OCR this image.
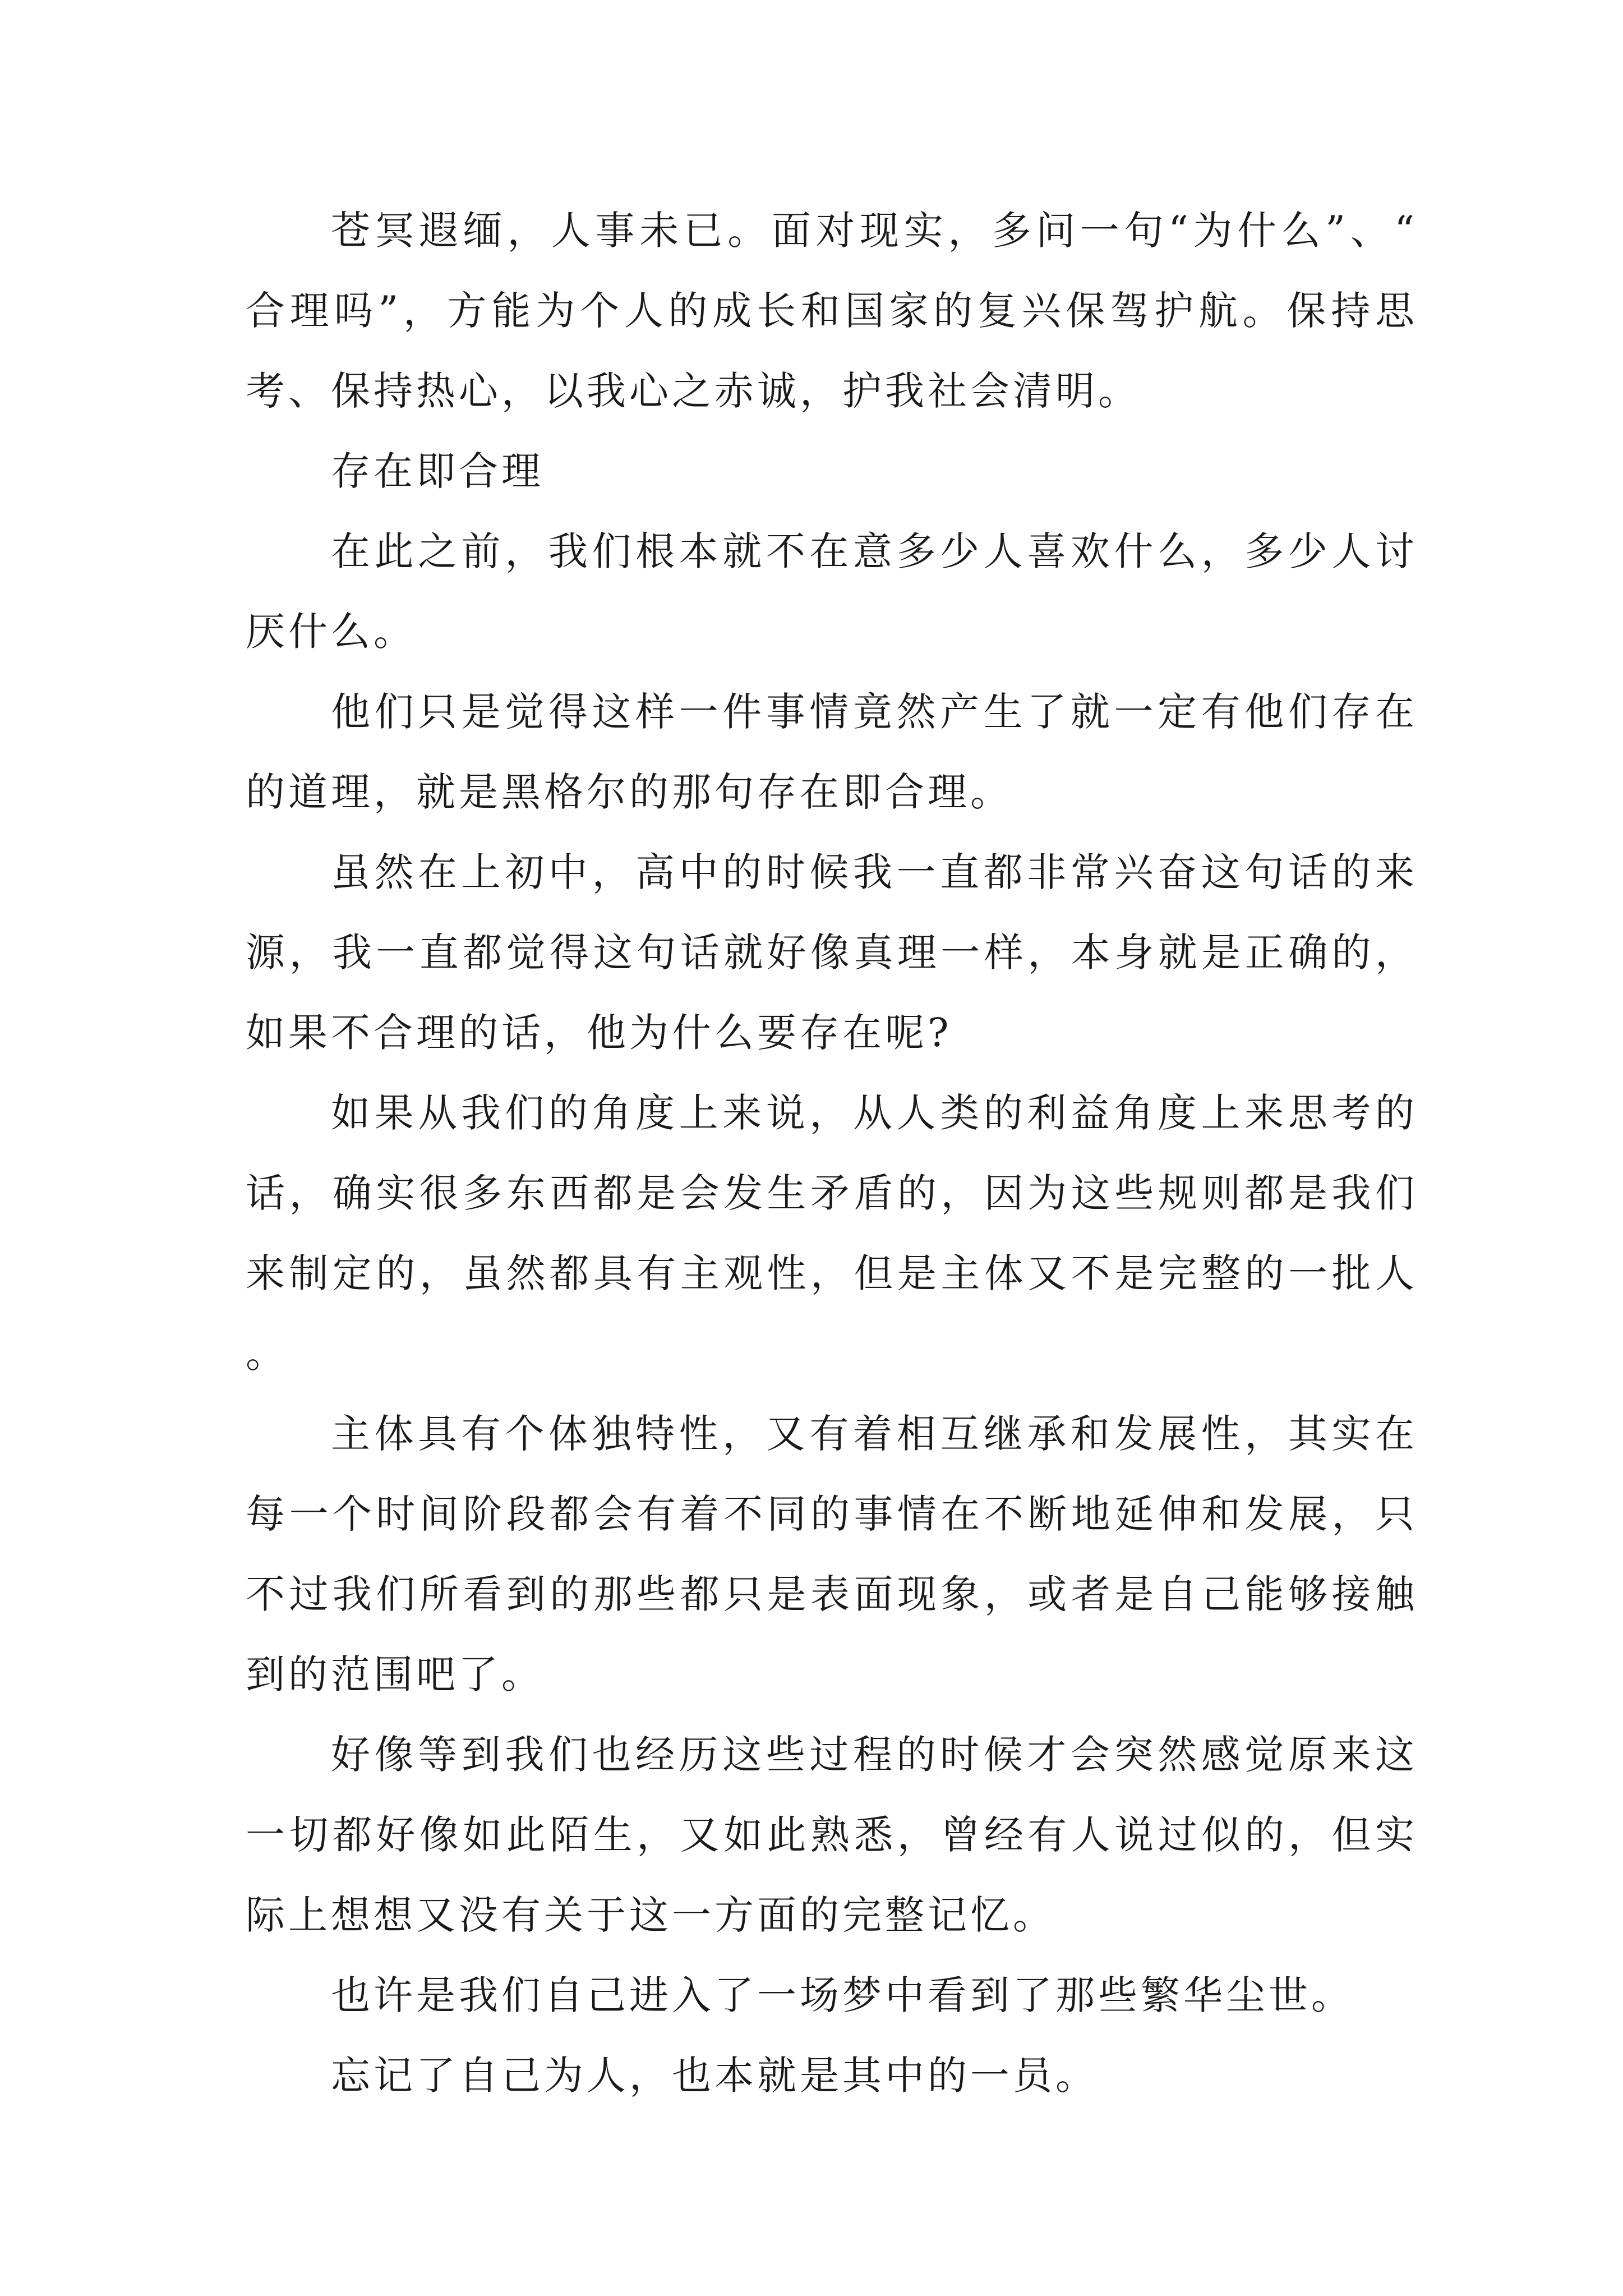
苍冥遐缅，人事未已。面对现实，多问一句“为什么”、“合理吗”，方能为个人的成长和国家的复兴保驾护航。保持思考、保持热心，以我心之赤诚，护我社会清明。

存在即合理

在此之前，我们根本就不在意多少人喜欢什么，多少人讨厌什么。

他们只是觉得这样一件事情竟然产生了就一定有他们存在的道理，就是黑格尔的那句存在即合理。

虽然在上初中，高中的时候我一直都非常兴奋这句话的来源，我一直都觉得这句话就好像真理一样，本身就是正确的，如果不合理的话，他为什么要存在呢?

如果从我们的角度上来说，从人类的利益角度上来思考的话，确实很多东西都是会发生矛盾的，因为这些规则都是我们来制定的，虽然都具有主观性，但是主体又不是完整的一批人。

主体具有个体独特性，又有着相互继承和发展性，其实在每一个时间阶段都会有着不同的事情在不断地延伸和发展，只不过我们所看到的那些都只是表面现象，或者是自己能够接触到的范围吧了。

好像等到我们也经历这些过程的时候才会突然感觉原来这一切都好像如此陌生，又如此熟悉，曾经有人说过似的，但实际上想想又没有关于这一方面的完整记忆。

也许是我们自己进入了一场梦中看到了那些繁华尘世。

忘记了自己为人，也本就是其中的一员。
